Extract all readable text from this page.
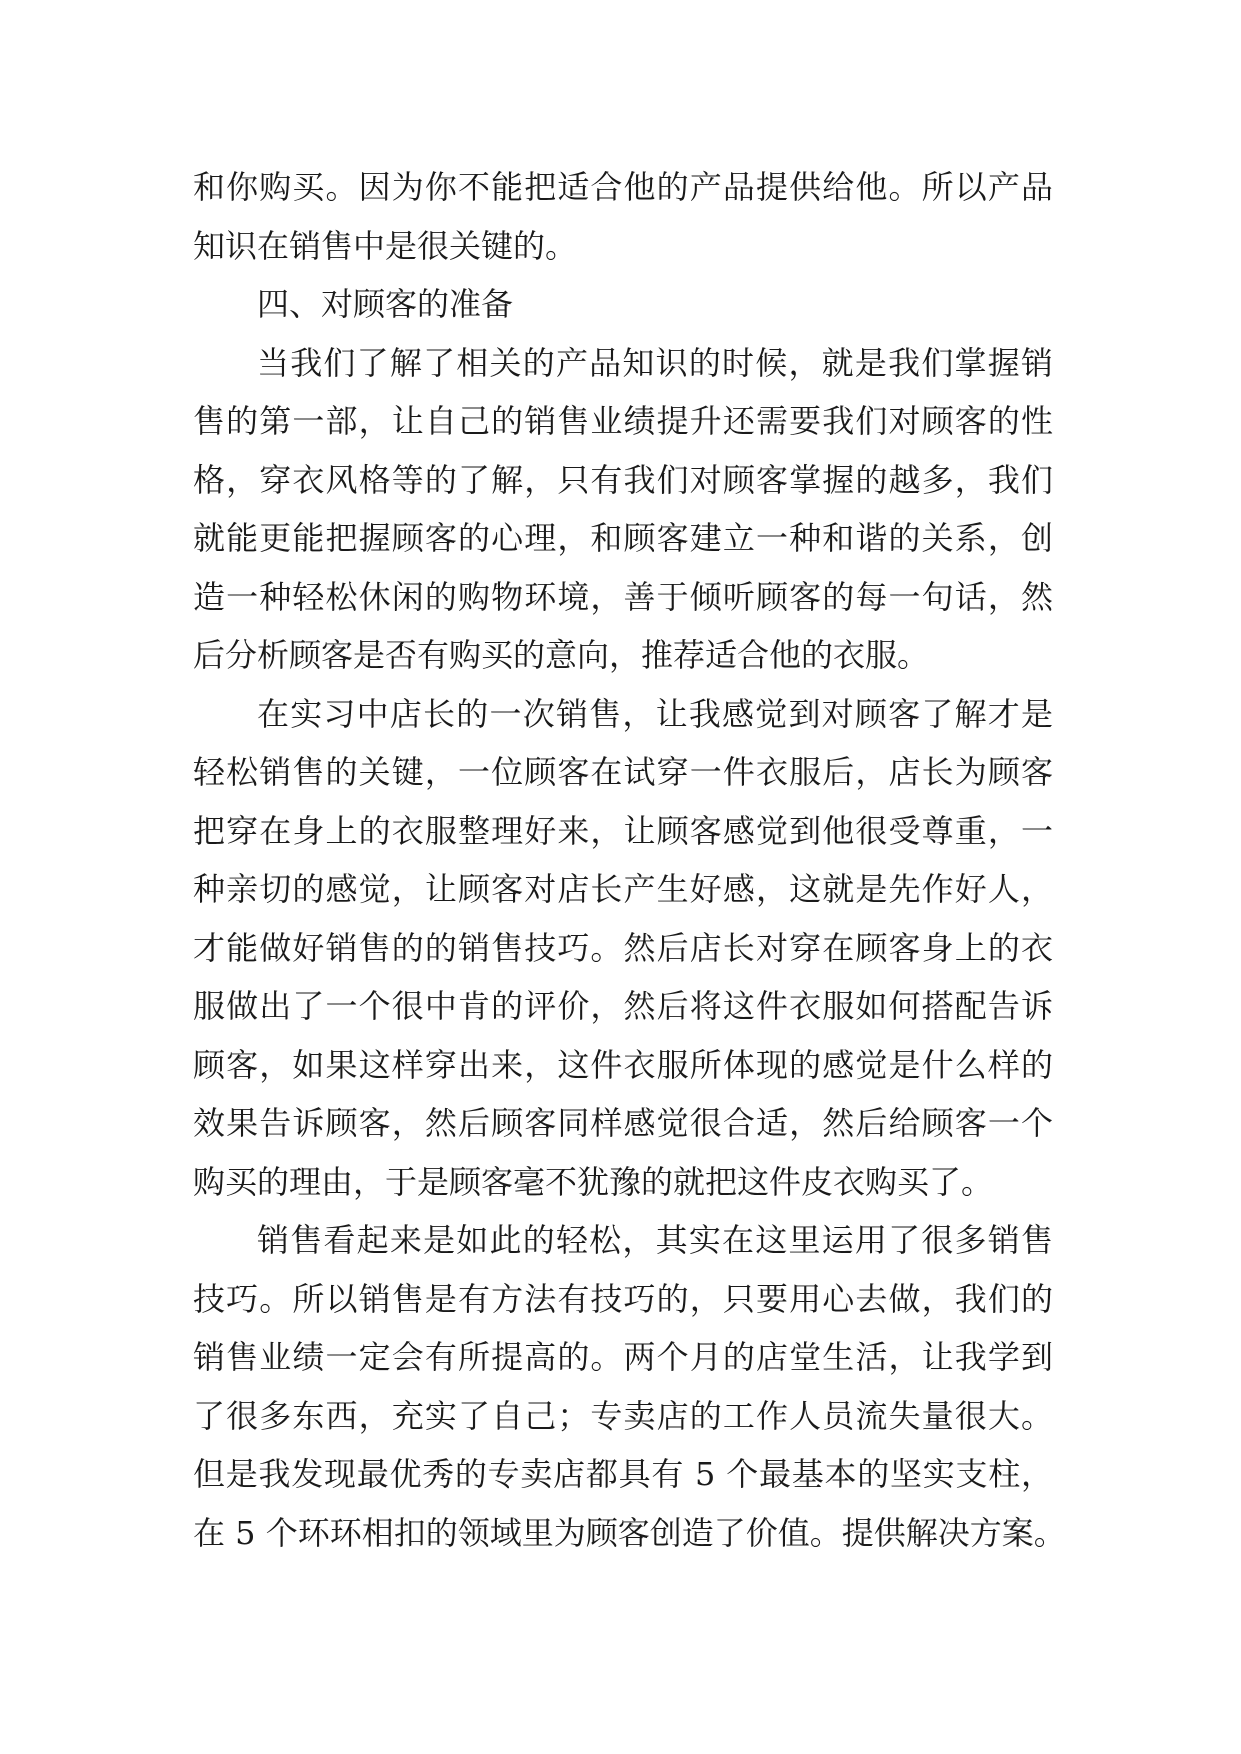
和你购买。因为你不能把适合他的产品提供给他。所以产品
知识在销售中是很关键的。
四、对顾客的准备
当我们了解了相关的产品知识的时候，就是我们掌握销
售的第一部，让自己的销售业绩提升还需要我们对顾客的性
格，穿衣风格等的了解，只有我们对顾客掌握的越多，我们
就能更能把握顾客的心理，和顾客建立一种和谐的关系，创
造一种轻松休闲的购物环境，善于倾听顾客的每一句话，然
后分析顾客是否有购买的意向，推荐适合他的衣服。
在实习中店长的一次销售，让我感觉到对顾客了解才是
轻松销售的关键，一位顾客在试穿一件衣服后，店长为顾客
把穿在身上的衣服整理好来，让顾客感觉到他很受尊重，一
种亲切的感觉，让顾客对店长产生好感，这就是先作好人，
才能做好销售的的销售技巧。然后店长对穿在顾客身上的衣
服做出了一个很中肯的评价，然后将这件衣服如何搭配告诉
顾客，如果这样穿出来，这件衣服所体现的感觉是什么样的
效果告诉顾客，然后顾客同样感觉很合适，然后给顾客一个
购买的理由，于是顾客毫不犹豫的就把这件皮衣购买了。
销售看起来是如此的轻松，其实在这里运用了很多销售
技巧。所以销售是有方法有技巧的，只要用心去做，我们的
销售业绩一定会有所提高的。两个月的店堂生活，让我学到
了很多东西，充实了自己；专卖店的工作人员流失量很大。
但是我发现最优秀的专卖店都具有 5 个最基本的坚实支柱，
在 5 个环环相扣的领域里为顾客创造了价值。提供解决方案。
